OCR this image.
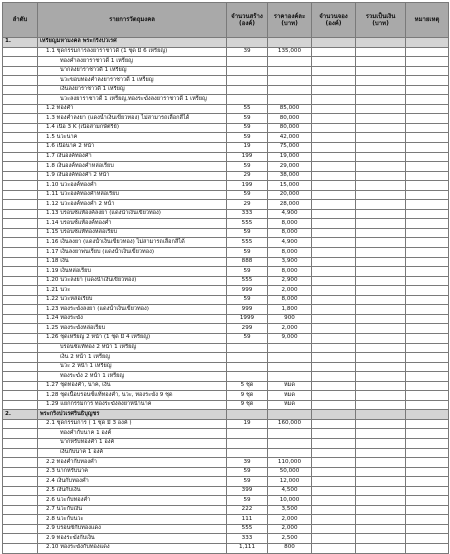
ลำดับ	รายการวัตถุมงคล	จำนวนสร้าง (องค์)	ราคาองค์ละ (บาท)	จำนวนจอง (องค์)	รวมเป็นเงิน (บาท)	หมายเหตุ
1.	เหรียญมหามงคล พระกริ่งปวเรศ					
	1.1 ชุดกรรมการลงยาราชาวดี (1 ชุด มี 6 เหรียญ)	39	135,000			
	ทองคำลงยาราชาวดี 1 เหรียญ					
	นากลงยาราชาวดี 1 เหรียญ					
	นวะขอบทองคำลงยาราชาวดี 1 เหรียญ					
	เงินลงยาราชาวดี 1 เหรียญ					
	นวะลงยาราชาวดี 1 เหรียญ,ทองระฆังลงยาราชาวดี 1 เหรียญ					
	1.2 ทองคำ	55	85,000			
	1.3 ทองคำลงยา (แดงน้ำเงินเขียวทอง) ไม่สามารถเลือกสีได้	59	80,000			
	1.4 เนื้อ 3 K (เนื้อสามกษัตริย์)	59	80,000			
	1.5 นวะนาค	59	42,000			
	1.6 เนื้อนาค 2 หน้า	19	75,000			
	1.7 เงินองค์ทองคำ	199	19,000			
	1.8 เงินองค์ทองคำหล่อเรียบ	59	29,000			
	1.9 เงินองค์ทองคำ 2 หน้า	29	38,000			
	1.10 นวะองค์ทองคำ	199	15,000			
	1.11 นวะองค์ทองคำหล่อเรียบ	59	20,000			
	1.12 นวะองค์ทองคำ 2 หน้า	29	28,000			
	1.13 บรอนซ์แท้องค์ลงยา (แดงน้ำเงินเขียวทอง)	333	4,900			
	1.14 บรอนซ์แท้องค์ทองคำ	555	8,000			
	1.15 บรอนซ์แท้ทองหล่อเรียบ	59	8,000			
	1.16 เงินลงยา (แดงน้ำเงินเขียวทอง) ไม่สามารถเลือกสีได้	555	4,900			
	1.17 เงินลงยาพ่นเรียบ (แดงน้ำเงินเขียวทอง)	59	8,000			
	1.18 เงิน	888	3,900			
	1.19 เงินหล่อเรียบ	59	8,000			
	1.20 นวะลงยา (แดงน้ำเงินเขียวทอง)	555	2,900			
	1.21 นวะ	999	2,000			
	1.22 นวะหล่อเรียบ	59	8,000			
	1.23 ทองระฆังลงยา (แดงน้ำเงินเขียวทอง)	999	1,800			
	1.24 ทองระฆัง	1999	900			
	1.25 ทองระฆังหล่อเรียบ	299	2,000			
	1.26 ชุดเหรียญ 2 หน้า (1 ชุด มี 4 เหรียญ)	59	9,000			
	บรอนซ์แท้ทอง 2 หน้า 1 เหรียญ					
	เงิน 2 หน้า 1 เหรียญ					
	นวะ 2 หน้า 1 เหรียญ					
	ทองระฆัง 2 หน้า 1 เหรียญ					
	1.27 ชุดทองคำ, นาค, เงิน	5 ชุด	หมด			
	1.28 ชุดเนื้อบรอนซ์แท้ทองคำ, นวะ, ทองระฆัง 9 ชุด	9 ชุด	หมด			
	1.29 แยกกรรมการ ทองระฆังลงยาหน้านาค	9 ชุด	หมด			
2.	พระกริ่งปวเรศรินธิบุญชร					
	2.1 ชุดกรรมการ ( 1 ชุด มี 3 องค์ )	19	160,000			
	ทองคำกับนาค 1 องค์					
	นากหรับทองคำ 1 องค์					
	เงินกับนาค 1 องค์					
	2.2 ทองคำกับทองคำ	39	110,000			
	2.3 นากหรับนาค	59	50,000			
	2.4 เงินกับทองคำ	59	12,000			
	2.5 เงินกับเงิน	399	4,500			
	2.6 นวะกับทองคำ	59	10,000			
	2.7 นวะกับเงิน	222	3,500			
	2.8 นวะกับนวะ	111	2,000			
	2.9 บรอนซ์กับทองแดง	555	2,000			
	2.9 ทองระฆังกับเงิน	333	2,500			
	2.10 ทองระฆังกับทองแดง	1,111	800			
